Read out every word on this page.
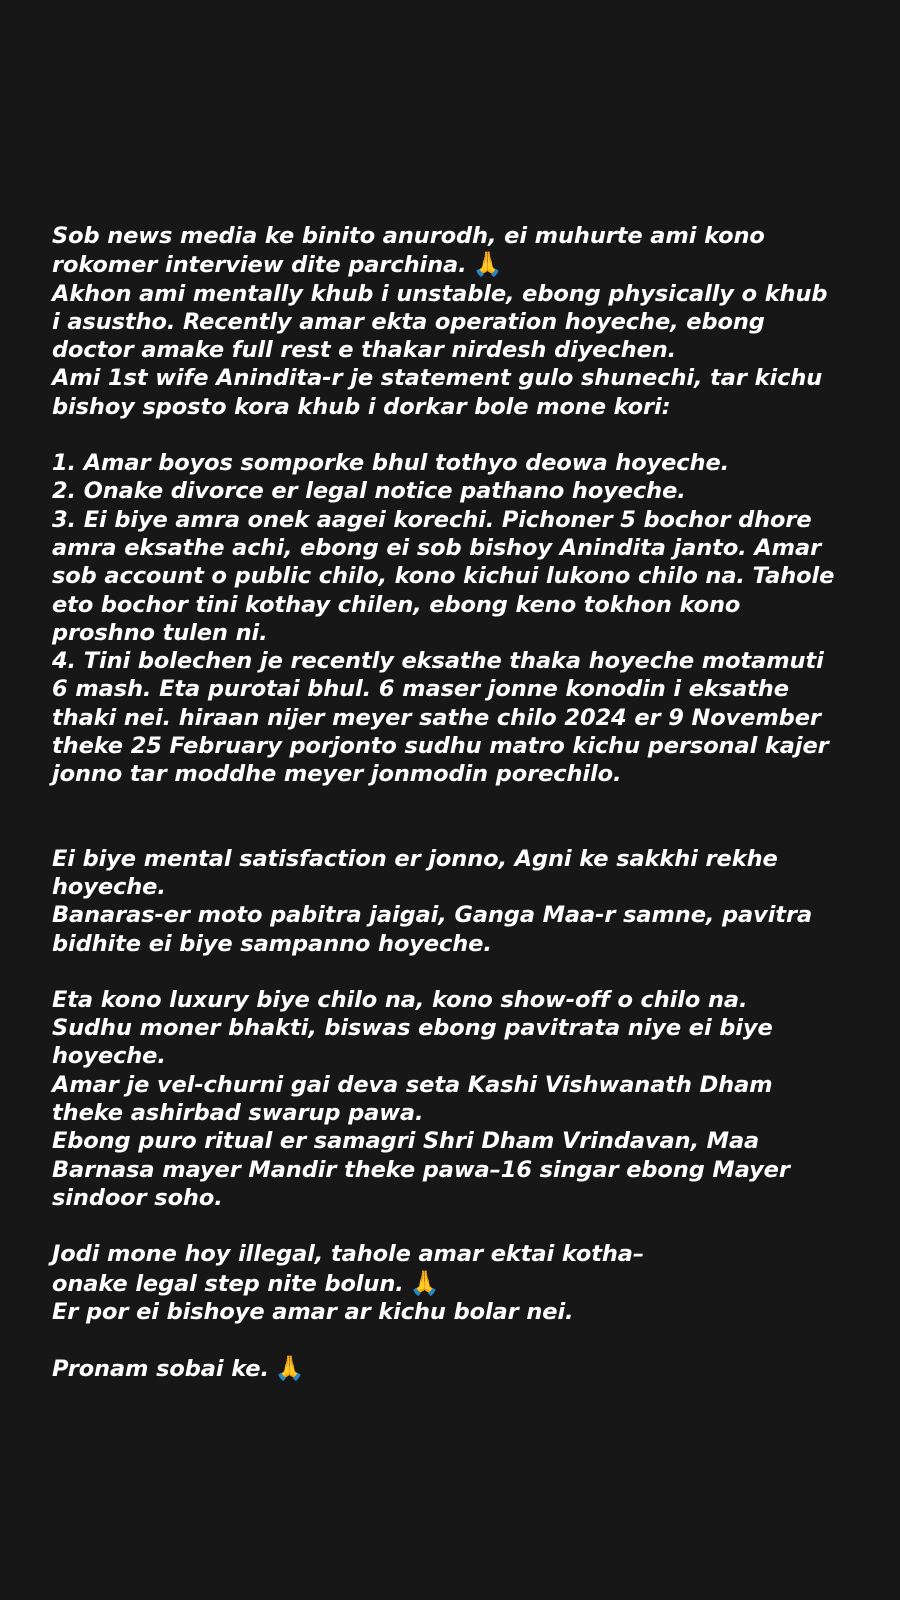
Sob news media ke binito anurodh, ei muhurte ami kono
rokomer interview dite parchina. 🙏
Akhon ami mentally khub i unstable, ebong physically o khub
i asustho. Recently amar ekta operation hoyeche, ebong
doctor amake full rest e thakar nirdesh diyechen.
Ami 1st wife Anindita-r je statement gulo shunechi, tar kichu
bishoy sposto kora khub i dorkar bole mone kori:
1. Amar boyos somporke bhul tothyo deowa hoyeche.
2. Onake divorce er legal notice pathano hoyeche.
3. Ei biye amra onek aagei korechi. Pichoner 5 bochor dhore
amra eksathe achi, ebong ei sob bishoy Anindita janto. Amar
sob account o public chilo, kono kichui lukono chilo na. Tahole
eto bochor tini kothay chilen, ebong keno tokhon kono
proshno tulen ni.
4. Tini bolechen je recently eksathe thaka hoyeche motamuti
6 mash. Eta purotai bhul. 6 maser jonne konodin i eksathe
thaki nei. hiraan nijer meyer sathe chilo 2024 er 9 November
theke 25 February porjonto sudhu matro kichu personal kajer
jonno tar moddhe meyer jonmodin porechilo.
Ei biye mental satisfaction er jonno, Agni ke sakkhi rekhe
hoyeche.
Banaras-er moto pabitra jaigai, Ganga Maa-r samne, pavitra
bidhite ei biye sampanno hoyeche.
Eta kono luxury biye chilo na, kono show-off o chilo na.
Sudhu moner bhakti, biswas ebong pavitrata niye ei biye
hoyeche.
Amar je vel-churni gai deva seta Kashi Vishwanath Dham
theke ashirbad swarup pawa.
Ebong puro ritual er samagri Shri Dham Vrindavan, Maa
Barnasa mayer Mandir theke pawa–16 singar ebong Mayer
sindoor soho.
Jodi mone hoy illegal, tahole amar ektai kotha–
onake legal step nite bolun. 🙏
Er por ei bishoye amar ar kichu bolar nei.
Pronam sobai ke. 🙏
